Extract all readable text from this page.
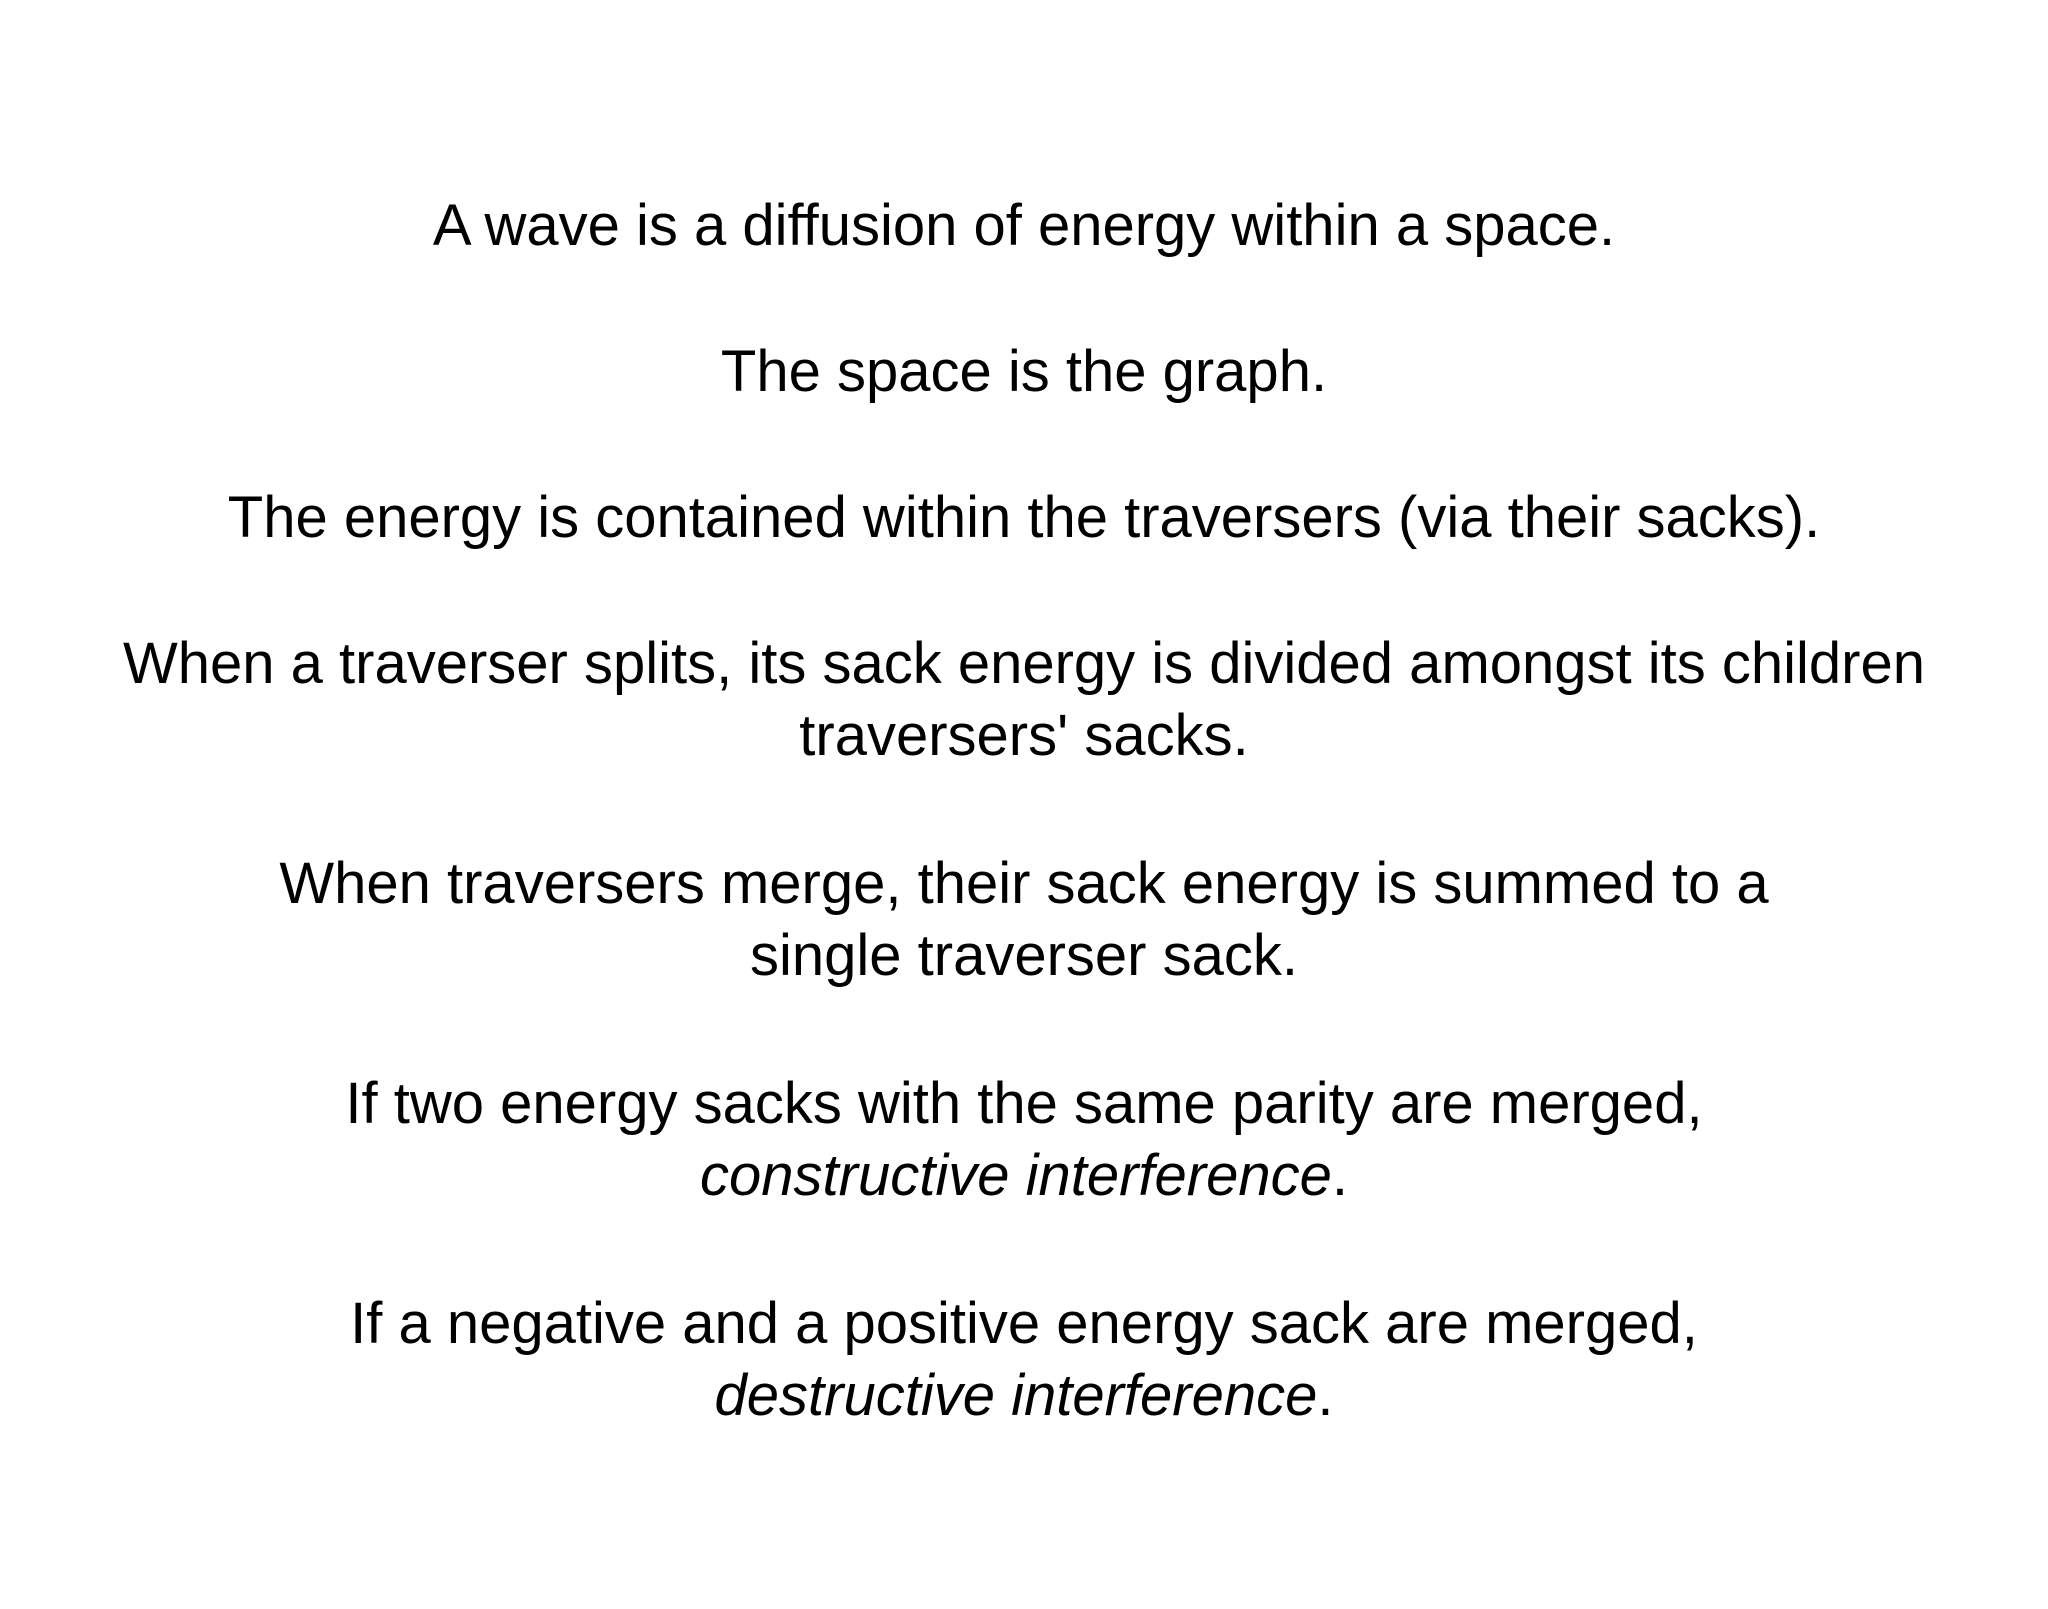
A wave is a diffusion of energy within a space.
The space is the graph.
The energy is contained within the traversers (via their sacks).
When a traverser splits, its sack energy is divided amongst its children
traversers' sacks.
When traversers merge, their sack energy is summed to a
single traverser sack.
If two energy sacks with the same parity are merged,
constructive interference.
If a negative and a positive energy sack are merged,
destructive interference.
